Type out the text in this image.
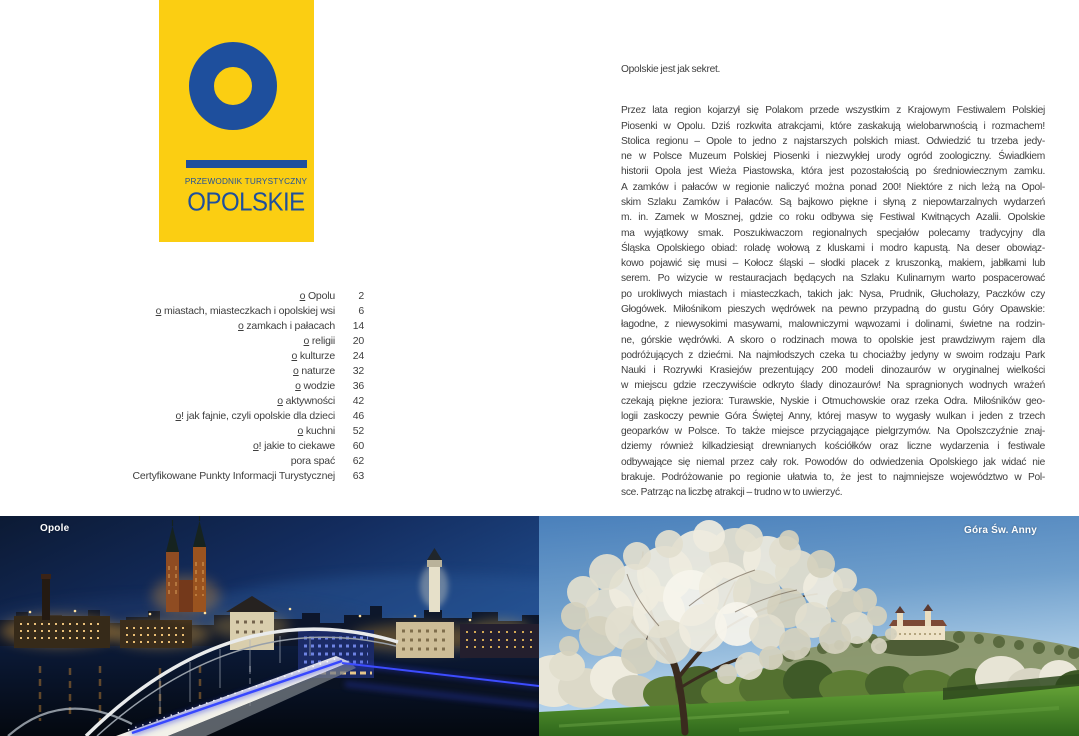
PRZEWODNIK TURYSTYCZNY
OPOLSKIE
o Opolu	2
o miastach, miasteczkach i opolskiej wsi	6
o zamkach i pałacach	14
o religii	20
o kulturze	24
o naturze	32
o wodzie	36
o aktywności	42
o! jak fajnie, czyli opolskie dla dzieci	46
o kuchni	52
o! jakie to ciekawe	60
pora spać	62
Certyfikowane Punkty Informacji Turystycznej	63
Opolskie jest jak sekret.
Przez lata region kojarzył się Polakom przede wszystkim z Krajowym Festiwalem Polskiej
Piosenki w Opolu. Dziś rozkwita atrakcjami, które zaskakują wielobarwnością i rozmachem!
Stolica regionu – Opole to jedno z najstarszych polskich miast. Odwiedzić tu trzeba jedy-
ne w Polsce Muzeum Polskiej Piosenki i niezwykłej urody ogród zoologiczny. Świadkiem
historii Opola jest Wieża Piastowska, która jest pozostałością po średniowiecznym zamku.
A zamków i pałaców w regionie naliczyć można ponad 200! Niektóre z nich leżą na Opol-
skim Szlaku Zamków i Pałaców. Są bajkowo piękne i słyną z niepowtarzalnych wydarzeń
m. in. Zamek w Mosznej, gdzie co roku odbywa się Festiwal Kwitnących Azalii. Opolskie
ma wyjątkowy smak. Poszukiwaczom regionalnych specjałów polecamy tradycyjny dla
Śląska Opolskiego obiad: roladę wołową z kluskami i modro kapustą. Na deser obowiąz-
kowo pojawić się musi – Kołocz śląski – słodki placek z kruszonką, makiem, jabłkami lub
serem. Po wizycie w restauracjach będących na Szlaku Kulinarnym warto pospacerować
po urokliwych miastach i miasteczkach, takich jak: Nysa, Prudnik, Głuchołazy, Paczków czy
Głogówek. Miłośnikom pieszych wędrówek na pewno przypadną do gustu Góry Opawskie:
łagodne, z niewysokimi masywami, malowniczymi wąwozami i dolinami, świetne na rodzin-
ne, górskie wędrówki. A skoro o rodzinach mowa to opolskie jest prawdziwym rajem dla
podróżujących z dziećmi. Na najmłodszych czeka tu chociażby jedyny w swoim rodzaju Park
Nauki i Rozrywki Krasiejów prezentujący 200 modeli dinozaurów w oryginalnej wielkości
w miejscu gdzie rzeczywiście odkryto ślady dinozaurów! Na spragnionych wodnych wrażeń
czekają piękne jeziora: Turawskie, Nyskie i Otmuchowskie oraz rzeka Odra. Miłośników geo-
logii zaskoczy pewnie Góra Świętej Anny, której masyw to wygasły wulkan i jeden z trzech
geoparków w Polsce. To także miejsce przyciągające pielgrzymów. Na Opolszczyźnie znaj-
dziemy również kilkadziesiąt drewnianych kościółków oraz liczne wydarzenia i festiwale
odbywające się niemal przez cały rok. Powodów do odwiedzenia Opolskiego jak widać nie
brakuje. Podróżowanie po regionie ułatwia to, że jest to najmniejsze województwo w Pol-
sce. Patrząc na liczbę atrakcji – trudno w to uwierzyć.
Opole	Góra Św. Anny
